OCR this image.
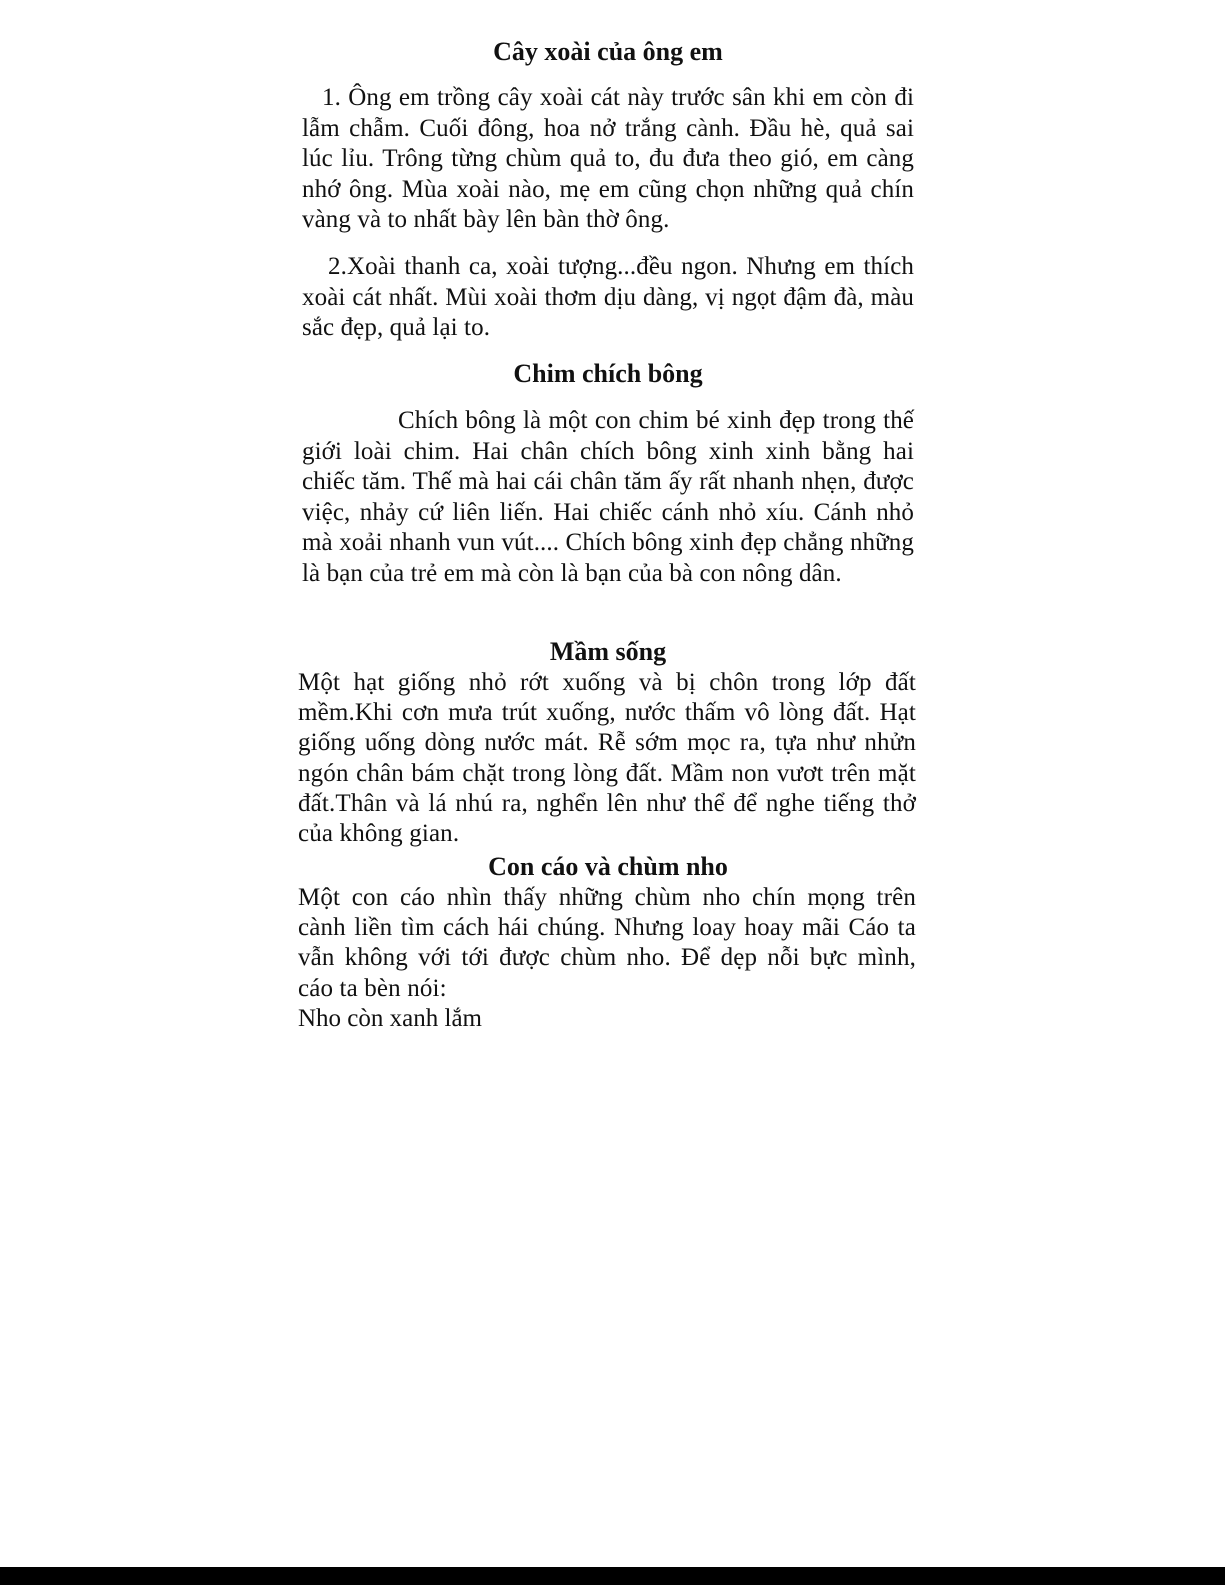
Cây xoài của ông em

1. Ông em trồng cây xoài cát này trước sân khi em còn đi lẫm chẫm. Cuối đông, hoa nở trắng cành. Đầu hè, quả sai lúc lỉu. Trông từng chùm quả to, đu đưa theo gió, em càng nhớ ông. Mùa xoài nào, mẹ em cũng chọn những quả chín vàng và to nhất bày lên bàn thờ ông.

2.Xoài thanh ca, xoài tượng...đều ngon. Nhưng em thích xoài cát nhất. Mùi xoài thơm dịu dàng, vị ngọt đậm đà, màu sắc đẹp, quả lại to.

Chim chích bông

Chích bông là một con chim bé xinh đẹp trong thế giới loài chim. Hai chân chích bông xinh xinh bằng hai chiếc tăm. Thế mà hai cái chân tăm ấy rất nhanh nhẹn, được việc, nhảy cứ liên liến. Hai chiếc cánh nhỏ xíu. Cánh nhỏ mà xoải nhanh vun vút.... Chích bông xinh đẹp chẳng những là bạn của trẻ em mà còn là bạn của bà con nông dân.

Mầm sống

Một hạt giống nhỏ rớt xuống và bị chôn trong lớp đất mềm.Khi cơn mưa trút xuống, nước thấm vô lòng đất. Hạt giống uống dòng nước mát. Rễ sớm mọc ra, tựa như nhửn ngón chân bám chặt trong lòng đất. Mầm non vươt trên mặt đất.Thân và lá nhú ra, nghển lên như thể để nghe tiếng thở của không gian.

Con cáo và chùm nho

Một con cáo nhìn thấy những chùm nho chín mọng trên cành liền tìm cách hái chúng. Nhưng loay hoay mãi Cáo ta vẫn không với tới được chùm nho. Để dẹp nỗi bực mình, cáo ta bèn nói:

Nho còn xanh lắm
